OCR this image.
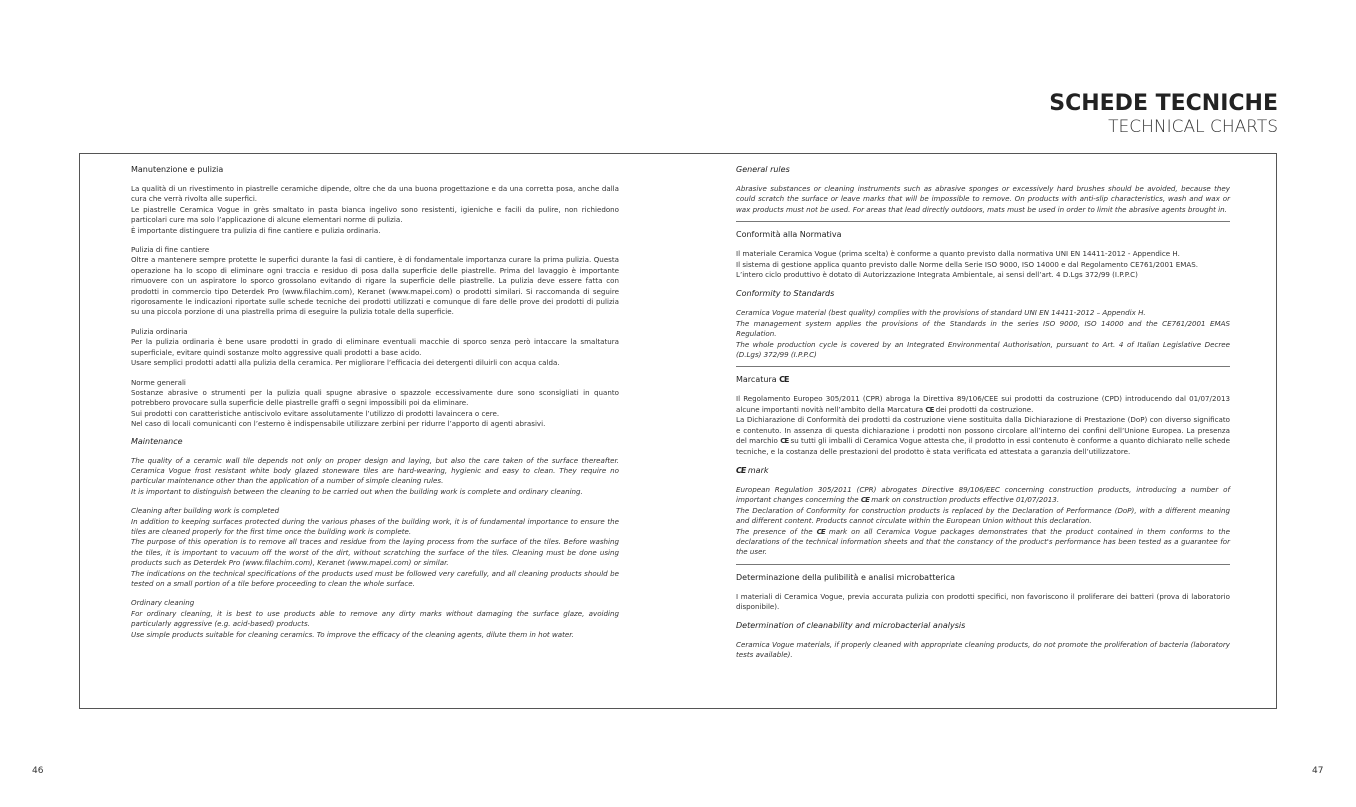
SCHEDE TECNICHE
TECHNICAL CHARTS
Manutenzione e pulizia

La qualità di un rivestimento in piastrelle ceramiche dipende, oltre che da una buona progettazione e da una corretta posa, anche dalla cura che verrà rivolta alle superfici.

Le piastrelle Ceramica Vogue in grès smaltato in pasta bianca ingelivo sono resistenti, igieniche e facili da pulire, non richiedono particolari cure ma solo l’applicazione di alcune elementari norme di pulizia.

È importante distinguere tra pulizia di fine cantiere e pulizia ordinaria.

Pulizia di fine cantiere

Oltre a mantenere sempre protette le superfici durante la fasi di cantiere, è di fondamentale importanza curare la prima pulizia. Questa operazione ha lo scopo di eliminare ogni traccia e residuo di posa dalla superficie delle piastrelle. Prima del lavaggio è importante rimuovere con un aspiratore lo sporco grossolano evitando di rigare la superficie delle piastrelle. La pulizia deve essere fatta con prodotti in commercio tipo Deterdek Pro (www.filachim.com), Keranet (www.mapei.com) o prodotti similari. Si raccomanda di seguire rigorosamente le indicazioni riportate sulle schede tecniche dei prodotti utilizzati e comunque di fare delle prove dei prodotti di pulizia su una piccola porzione di una piastrella prima di eseguire la pulizia totale della superficie.

Pulizia ordinaria

Per la pulizia ordinaria è bene usare prodotti in grado di eliminare eventuali macchie di sporco senza però intaccare la smaltatura superficiale, evitare quindi sostanze molto aggressive quali prodotti a base acido.

Usare semplici prodotti adatti alla pulizia della ceramica. Per migliorare l’efficacia dei detergenti diluirli con acqua calda.

Norme generali

Sostanze abrasive o strumenti per la pulizia quali spugne abrasive o spazzole eccessivamente dure sono sconsigliati in quanto potrebbero provocare sulla superficie delle piastrelle graffi o segni impossibili poi da eliminare.

Sui prodotti con caratteristiche antiscivolo evitare assolutamente l’utilizzo di prodotti lavaincera o cere.

Nel caso di locali comunicanti con l’esterno è indispensabile utilizzare zerbini per ridurre l’apporto di agenti abrasivi.

Maintenance

The quality of a ceramic wall tile depends not only on proper design and laying, but also the care taken of the surface thereafter. Ceramica Vogue frost resistant white body glazed stoneware tiles are hard-wearing, hygienic and easy to clean. They require no particular maintenance other than the application of a number of simple cleaning rules.

It is important to distinguish between the cleaning to be carried out when the building work is complete and ordinary cleaning.

Cleaning after building work is completed

In addition to keeping surfaces protected during the various phases of the building work, it is of fundamental importance to ensure the tiles are cleaned properly for the first time once the building work is complete.

The purpose of this operation is to remove all traces and residue from the laying process from the surface of the tiles. Before washing the tiles, it is important to vacuum off the worst of the dirt, without scratching the surface of the tiles. Cleaning must be done using products such as Deterdek Pro (www.filachim.com), Keranet (www.mapei.com) or similar.

The indications on the technical specifications of the products used must be followed very carefully, and all cleaning products should be tested on a small portion of a tile before proceeding to clean the whole surface.

Ordinary cleaning

For ordinary cleaning, it is best to use products able to remove any dirty marks without damaging the surface glaze, avoiding particularly aggressive (e.g. acid-based) products.

Use simple products suitable for cleaning ceramics. To improve the efficacy of the cleaning agents, dilute them in hot water.

General rules

Abrasive substances or cleaning instruments such as abrasive sponges or excessively hard brushes should be avoided, because they could scratch the surface or leave marks that will be impossible to remove. On products with anti-slip characteristics, wash and wax or wax products must not be used. For areas that lead directly outdoors, mats must be used in order to limit the abrasive agents brought in.

Conformità alla Normativa

Il materiale Ceramica Vogue (prima scelta) è conforme a quanto previsto dalla normativa UNI EN 14411-2012 - Appendice H.

Il sistema di gestione applica quanto previsto dalle Norme della Serie ISO 9000, ISO 14000 e dal Regolamento CE761/2001 EMAS.

L’intero ciclo produttivo è dotato di Autorizzazione Integrata Ambientale, ai sensi dell’art. 4 D.Lgs 372/99 (I.P.P.C)

Conformity to Standards

Ceramica Vogue material (best quality) complies with the provisions of standard UNI EN 14411-2012 – Appendix H.

The management system applies the provisions of the Standards in the series ISO 9000, ISO 14000 and the CE761/2001 EMAS Regulation.

The whole production cycle is covered by an Integrated Environmental Authorisation, pursuant to Art. 4 of Italian Legislative Decree (D.Lgs) 372/99 (I.P.P.C)

Marcatura CE

Il Regolamento Europeo 305/2011 (CPR) abroga la Direttiva 89/106/CEE sui prodotti da costruzione (CPD) introducendo dal 01/07/2013 alcune importanti novità nell’ambito della Marcatura CE dei prodotti da costruzione.

La Dichiarazione di Conformità dei prodotti da costruzione viene sostituita dalla Dichiarazione di Prestazione (DoP) con diverso significato e contenuto. In assenza di questa dichiarazione i prodotti non possono circolare all’interno dei confini dell’Unione Europea. La presenza del marchio CE su tutti gli imballi di Ceramica Vogue attesta che, il prodotto in essi contenuto è conforme a quanto dichiarato nelle schede tecniche, e la costanza delle prestazioni del prodotto è stata verificata ed attestata a garanzia dell’utilizzatore.

CE mark

European Regulation 305/2011 (CPR) abrogates Directive 89/106/EEC concerning construction products, introducing a number of important changes concerning the CE mark on construction products effective 01/07/2013.

The Declaration of Conformity for construction products is replaced by the Declaration of Performance (DoP), with a different meaning and different content. Products cannot circulate within the European Union without this declaration.

The presence of the CE mark on all Ceramica Vogue packages demonstrates that the product contained in them conforms to the declarations of the technical information sheets and that the constancy of the product's performance has been tested as a guarantee for the user.

Determinazione della pulibilità e analisi microbatterica

I materiali di Ceramica Vogue, previa accurata pulizia con prodotti specifici, non favoriscono il proliferare dei batteri (prova di laboratorio disponibile).

Determination of cleanability and microbacterial analysis

Ceramica Vogue materials, if properly cleaned with appropriate cleaning products, do not promote the proliferation of bacteria (laboratory tests available).

46	47
